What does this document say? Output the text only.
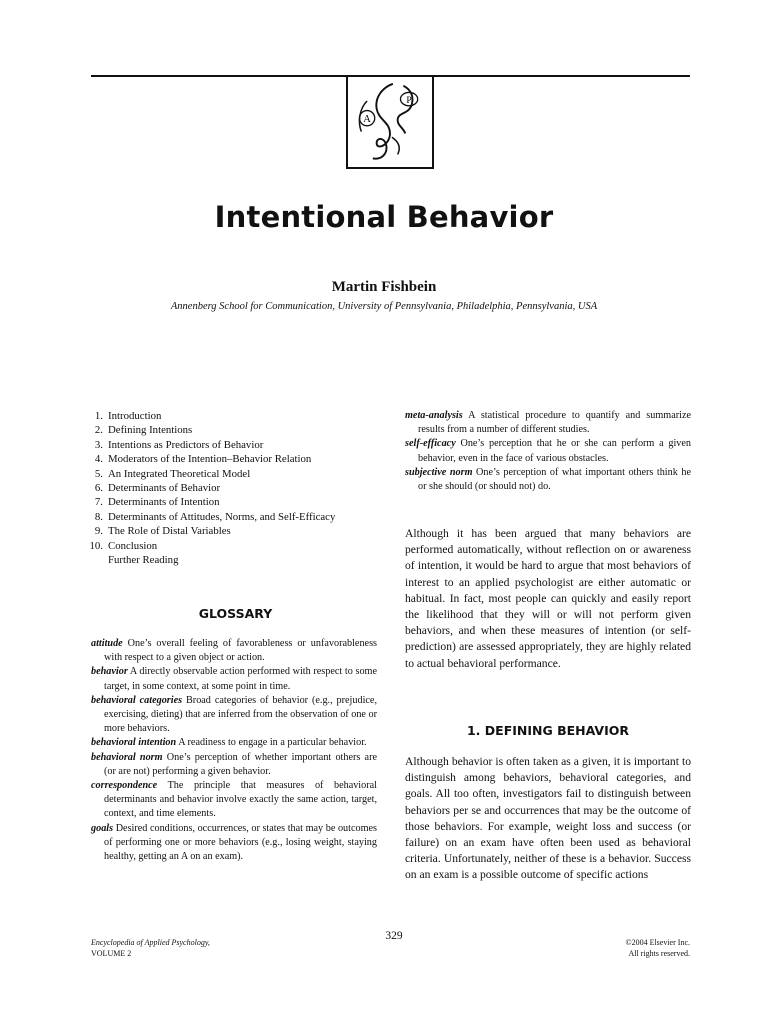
A
P
Intentional Behavior
Martin Fishbein
Annenberg School for Communication, University of Pennsylvania, Philadelphia, Pennsylvania, USA
1. Introduction
2. Defining Intentions
3. Intentions as Predictors of Behavior
4. Moderators of the Intention–Behavior Relation
5. An Integrated Theoretical Model
6. Determinants of Behavior
7. Determinants of Intention
8. Determinants of Attitudes, Norms, and Self-Efficacy
9. The Role of Distal Variables
10. Conclusion
Further Reading
GLOSSARY

attitude One’s overall feeling of favorableness or unfavorableness with respect to a given object or action.

behavior A directly observable action performed with respect to some target, in some context, at some point in time.

behavioral categories Broad categories of behavior (e.g., prejudice, exercising, dieting) that are inferred from the observation of one or more behaviors.

behavioral intention A readiness to engage in a particular behavior.

behavioral norm One’s perception of whether important others are (or are not) performing a given behavior.

correspondence The principle that measures of behavioral determinants and behavior involve exactly the same action, target, context, and time elements.

goals Desired conditions, occurrences, or states that may be outcomes of performing one or more behaviors (e.g., losing weight, staying healthy, getting an A on an exam).

meta-analysis A statistical procedure to quantify and summarize results from a number of different studies.

self-efficacy One’s perception that he or she can perform a given behavior, even in the face of various obstacles.

subjective norm One’s perception of what important others think he or she should (or should not) do.

Although it has been argued that many behaviors are performed automatically, without reflection on or awareness of intention, it would be hard to argue that most behaviors of interest to an applied psychologist are either automatic or habitual. In fact, most people can quickly and easily report the likelihood that they will or will not perform given behaviors, and when these measures of intention (or self-prediction) are assessed appropriately, they are highly related to actual behavioral performance.

1. DEFINING BEHAVIOR

Although behavior is often taken as a given, it is important to distinguish among behaviors, behavioral categories, and goals. All too often, investigators fail to distinguish between behaviors per se and occurrences that may be the outcome of those behaviors. For example, weight loss and success (or failure) on an exam have often been used as behavioral criteria. Unfortunately, neither of these is a behavior. Success on an exam is a possible outcome of specific actions

Encyclopedia of Applied Psychology,
VOLUME 2
329
©2004 Elsevier Inc.
All rights reserved.
